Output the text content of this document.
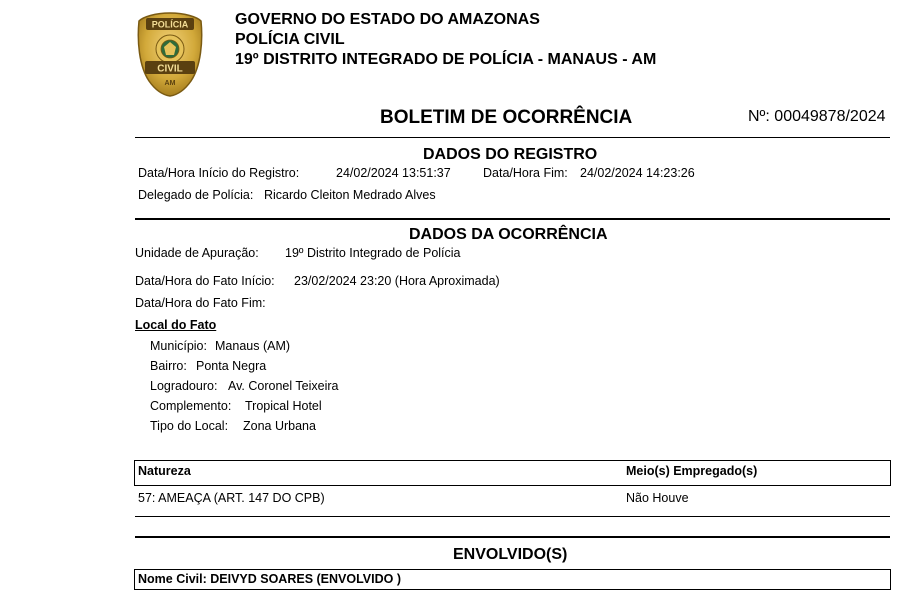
POLÍCIA
CIVIL
AM
GOVERNO DO ESTADO DO AMAZONAS
POLÍCIA CIVIL
19º DISTRITO INTEGRADO DE POLÍCIA - MANAUS - AM
BOLETIM DE OCORRÊNCIA	Nº: 00049878/2024
DADOS DO REGISTRO
Data/Hora Início do Registro:	24/02/2024 13:51:37	Data/Hora Fim: 24/02/2024 14:23:26
Delegado de Polícia: Ricardo Cleiton Medrado Alves
DADOS DA OCORRÊNCIA
Unidade de Apuração: 19º Distrito Integrado de Polícia
Data/Hora do Fato Início: 23/02/2024 23:20 (Hora Aproximada)
Data/Hora do Fato Fim:
Local do Fato
Município: Manaus (AM)
Bairro: Ponta Negra
Logradouro: Av. Coronel Teixeira
Complemento: Tropical Hotel
Tipo do Local: Zona Urbana
Natureza	Meio(s) Empregado(s)
57: AMEAÇA (ART. 147 DO CPB)	Não Houve
ENVOLVIDO(S)
Nome Civil: DEIVYD SOARES (ENVOLVIDO )
